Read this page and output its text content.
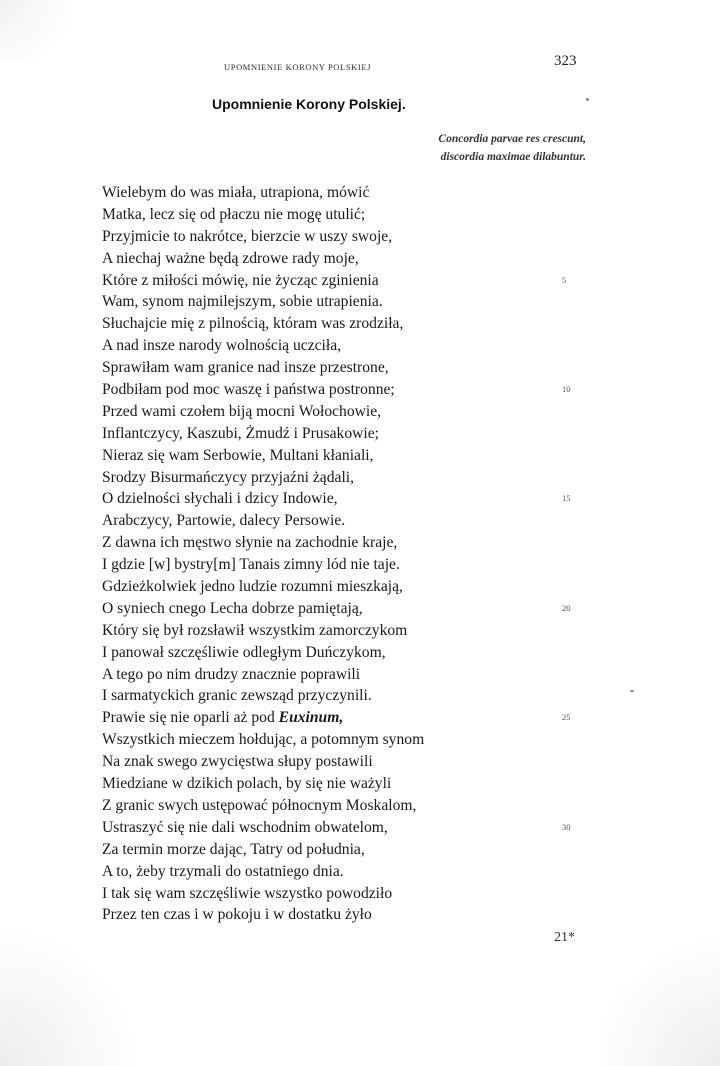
UPOMNIENIE KORONY POLSKIEJ	323
Upomnienie Korony Polskiej.
Concordia parvae res crescunt,
discordia maximae dilabuntur.
Wielebym do was miała, utrapiona, mówić
Matka, lecz się od płaczu nie mogę utulić;
Przyjmicie to nakrótce, bierzcie w uszy swoje,
A niechaj ważne będą zdrowe rady moje,
Które z miłości mówię, nie życząc zginienia	5
Wam, synom najmilejszym, sobie utrapienia.
Słuchajcie mię z pilnością, któram was zrodziła,
A nad insze narody wolnością uczciła,
Sprawiłam wam granice nad insze przestrone,
Podbiłam pod moc waszę i państwa postronne;	10
Przed wami czołem biją mocni Wołochowie,
Inflantczycy, Kaszubi, Żmudź i Prusakowie;
Nieraz się wam Serbowie, Multani kłaniali,
Srodzy Bisurmańczycy przyjaźni żądali,
O dzielności słychali i dzicy Indowie,	15
Arabczycy, Partowie, dalecy Persowie.
Z dawna ich męstwo słynie na zachodnie kraje,
I gdzie [w] bystry[m] Tanais zimny lód nie taje.
Gdzieżkolwiek jedno ludzie rozumni mieszkają,
O syniech cnego Lecha dobrze pamiętają,	20
Który się był rozsławił wszystkim zamorczykom
I panował szczęśliwie odległym Duńczykom,
A tego po nim drudzy znacznie poprawili
I sarmatyckich granic zewsząd przyczynili.
Prawie się nie oparli aż pod Euxinum,	25
Wszystkich mieczem hołdując, a potomnym synom
Na znak swego zwycięstwa słupy postawili
Miedziane w dzikich polach, by się nie ważyli
Z granic swych ustępować północnym Moskalom,
Ustraszyć się nie dali wschodnim obwatelom,	30
Za termin morze dając, Tatry od południa,
A to, żeby trzymali do ostatniego dnia.
I tak się wam szczęśliwie wszystko powodziło
Przez ten czas i w pokoju i w dostatku żyło
21*
